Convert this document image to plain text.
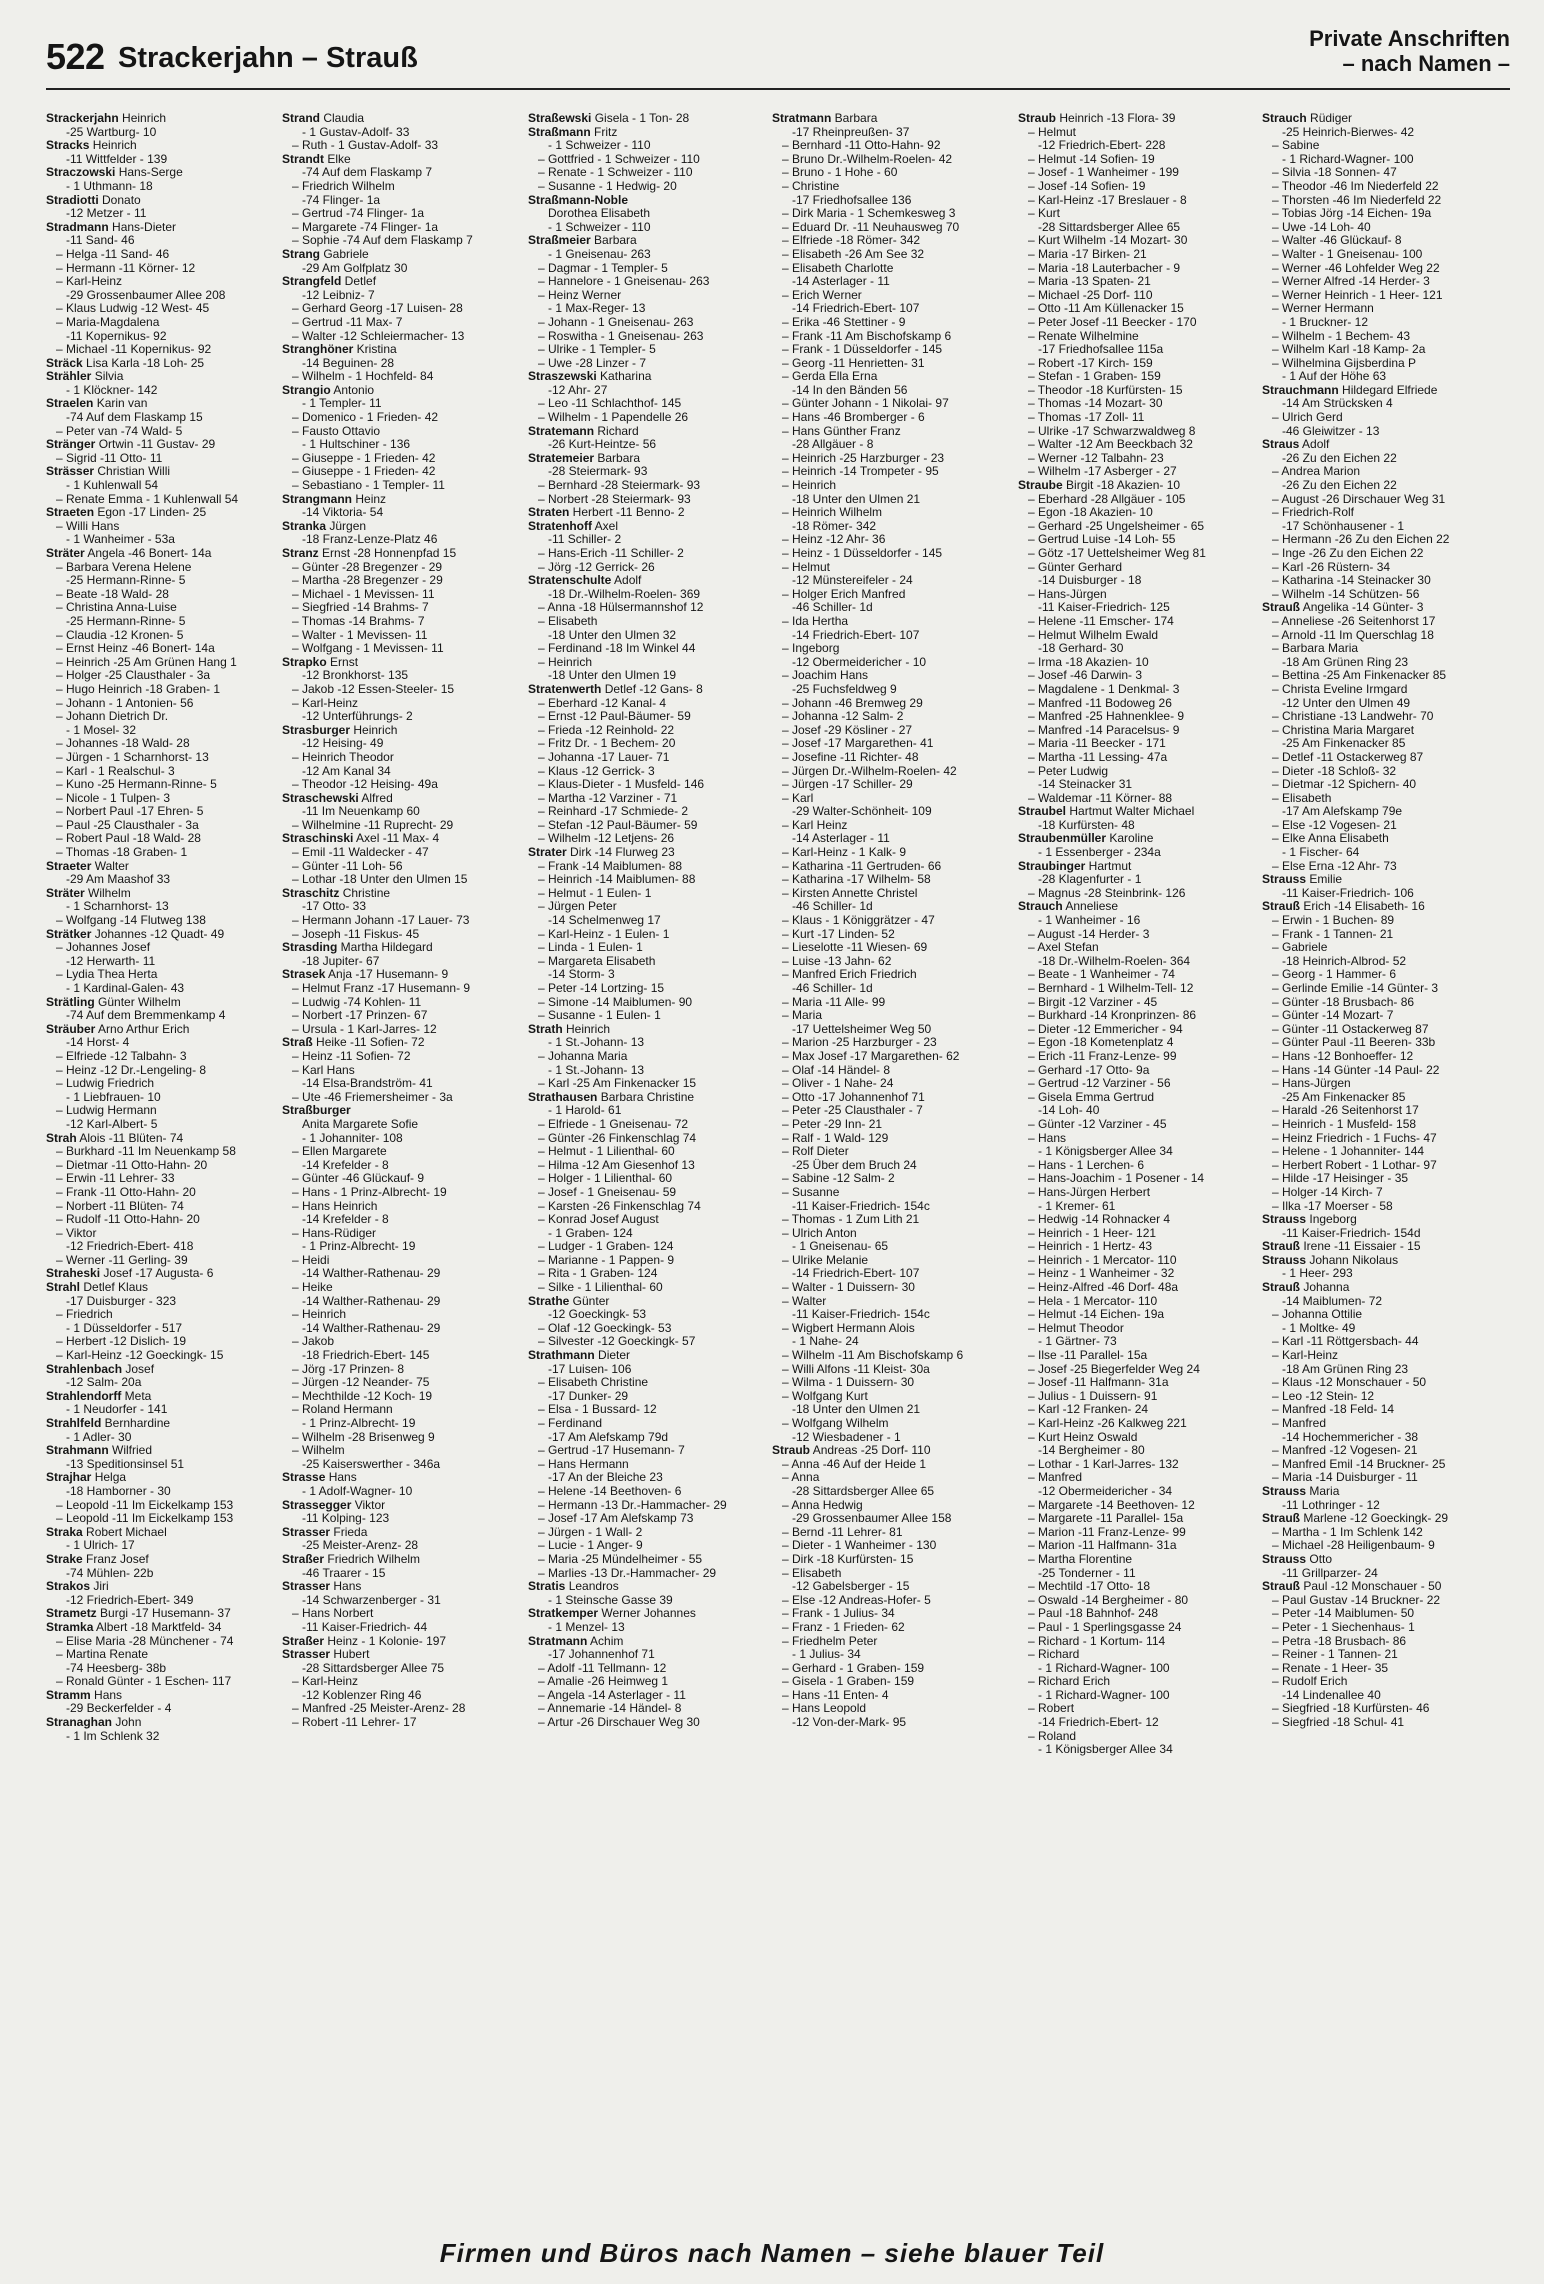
522 Strackerjahn – Strauß
Private Anschriften
– nach Namen –
Strackerjahn Heinrich
-25 Wartburg- 10
Stracks Heinrich
-11 Wittfelder - 139
Straczowski Hans-Serge
- 1 Uthmann- 18
Stradiotti Donato
-12 Metzer - 11
Stradmann Hans-Dieter
-11 Sand- 46
– Helga -11 Sand- 46
– Hermann -11 Körner- 12
– Karl-Heinz
-29 Grossenbaumer Allee 208
– Klaus Ludwig -12 West- 45
– Maria-Magdalena
-11 Kopernikus- 92
– Michael -11 Kopernikus- 92
Sträck Lisa Karla -18 Loh- 25
Strähler Silvia
- 1 Klöckner- 142
Straelen Karin van
-74 Auf dem Flaskamp 15
– Peter van -74 Wald- 5
Stränger Ortwin -11 Gustav- 29
– Sigrid -11 Otto- 11
Strässer Christian Willi
- 1 Kuhlenwall 54
– Renate Emma - 1 Kuhlenwall 54
Straeten Egon -17 Linden- 25
– Willi Hans
- 1 Wanheimer - 53a
Sträter Angela -46 Bonert- 14a
– Barbara Verena Helene
-25 Hermann-Rinne- 5
– Beate -18 Wald- 28
– Christina Anna-Luise
-25 Hermann-Rinne- 5
– Claudia -12 Kronen- 5
– Ernst Heinz -46 Bonert- 14a
– Heinrich -25 Am Grünen Hang 1
– Holger -25 Clausthaler - 3a
– Hugo Heinrich -18 Graben- 1
– Johann - 1 Antonien- 56
– Johann Dietrich Dr.
- 1 Mosel- 32
– Johannes -18 Wald- 28
– Jürgen - 1 Scharnhorst- 13
– Karl - 1 Realschul- 3
– Kuno -25 Hermann-Rinne- 5
– Nicole - 1 Tulpen- 3
– Norbert Paul -17 Ehren- 5
– Paul -25 Clausthaler - 3a
– Robert Paul -18 Wald- 28
– Thomas -18 Graben- 1
Straeter Walter
-29 Am Maashof 33
Sträter Wilhelm
- 1 Scharnhorst- 13
– Wolfgang -14 Flutweg 138
Strätker Johannes -12 Quadt- 49
– Johannes Josef
-12 Herwarth- 11
– Lydia Thea Herta
- 1 Kardinal-Galen- 43
Strätling Günter Wilhelm
-74 Auf dem Bremmenkamp 4
Sträuber Arno Arthur Erich
-14 Horst- 4
– Elfriede -12 Talbahn- 3
– Heinz -12 Dr.-Lengeling- 8
– Ludwig Friedrich
- 1 Liebfrauen- 10
– Ludwig Hermann
-12 Karl-Albert- 5
Strah Alois -11 Blüten- 74
– Burkhard -11 Im Neuenkamp 58
– Dietmar -11 Otto-Hahn- 20
– Erwin -11 Lehrer- 33
– Frank -11 Otto-Hahn- 20
– Norbert -11 Blüten- 74
– Rudolf -11 Otto-Hahn- 20
– Viktor
-12 Friedrich-Ebert- 418
– Werner -11 Gerling- 39
Straheski Josef -17 Augusta- 6
Strahl Detlef Klaus
-17 Duisburger - 323
– Friedrich
- 1 Düsseldorfer - 517
– Herbert -12 Dislich- 19
– Karl-Heinz -12 Goeckingk- 15
Strahlenbach Josef
-12 Salm- 20a
Strahlendorff Meta
- 1 Neudorfer - 141
Strahlfeld Bernhardine
- 1 Adler- 30
Strahmann Wilfried
-13 Speditionsinsel 51
Strajhar Helga
-18 Hamborner - 30
– Leopold -11 Im Eickelkamp 153
– Leopold -11 Im Eickelkamp 153
Straka Robert Michael
- 1 Ulrich- 17
Strake Franz Josef
-74 Mühlen- 22b
Strakos Jiri
-12 Friedrich-Ebert- 349
Strametz Burgi -17 Husemann- 37
Stramka Albert -18 Marktfeld- 34
– Elise Maria -28 Münchener - 74
– Martina Renate
-74 Heesberg- 38b
– Ronald Günter - 1 Eschen- 117
Stramm Hans
-29 Beckerfelder - 4
Stranaghan John
- 1 Im Schlenk 32
Strand Claudia
- 1 Gustav-Adolf- 33
– Ruth - 1 Gustav-Adolf- 33
Strandt Elke
-74 Auf dem Flaskamp 7
– Friedrich Wilhelm
-74 Flinger- 1a
– Gertrud -74 Flinger- 1a
– Margarete -74 Flinger- 1a
– Sophie -74 Auf dem Flaskamp 7
Strang Gabriele
-29 Am Golfplatz 30
Strangfeld Detlef
-12 Leibniz- 7
– Gerhard Georg -17 Luisen- 28
– Gertrud -11 Max- 7
– Walter -12 Schleiermacher- 13
Stranghöner Kristina
-14 Beguinen- 28
– Wilhelm - 1 Hochfeld- 84
Strangio Antonio
- 1 Templer- 11
– Domenico - 1 Frieden- 42
– Fausto Ottavio
- 1 Hultschiner - 136
– Giuseppe - 1 Frieden- 42
– Giuseppe - 1 Frieden- 42
– Sebastiano - 1 Templer- 11
Strangmann Heinz
-14 Viktoria- 54
Stranka Jürgen
-18 Franz-Lenze-Platz 46
Stranz Ernst -28 Honnenpfad 15
– Günter -28 Bregenzer - 29
– Martha -28 Bregenzer - 29
– Michael - 1 Mevissen- 11
– Siegfried -14 Brahms- 7
– Thomas -14 Brahms- 7
– Walter - 1 Mevissen- 11
– Wolfgang - 1 Mevissen- 11
Strapko Ernst
-12 Bronkhorst- 135
– Jakob -12 Essen-Steeler- 15
– Karl-Heinz
-12 Unterführungs- 2
Strasburger Heinrich
-12 Heising- 49
– Heinrich Theodor
-12 Am Kanal 34
– Theodor -12 Heising- 49a
Straschewski Alfred
-11 Im Neuenkamp 60
– Wilhelmine -11 Ruprecht- 29
Straschinski Axel -11 Max- 4
– Emil -11 Waldecker - 47
– Günter -11 Loh- 56
– Lothar -18 Unter den Ulmen 15
Straschitz Christine
-17 Otto- 33
– Hermann Johann -17 Lauer- 73
– Joseph -11 Fiskus- 45
Strasding Martha Hildegard
-18 Jupiter- 67
Strasek Anja -17 Husemann- 9
– Helmut Franz -17 Husemann- 9
– Ludwig -74 Kohlen- 11
– Norbert -17 Prinzen- 67
– Ursula - 1 Karl-Jarres- 12
Straß Heike -11 Sofien- 72
– Heinz -11 Sofien- 72
– Karl Hans
-14 Elsa-Brandström- 41
– Ute -46 Friemersheimer - 3a
Straßburger
Anita Margarete Sofie
- 1 Johanniter- 108
– Ellen Margarete
-14 Krefelder - 8
– Günter -46 Glückauf- 9
– Hans - 1 Prinz-Albrecht- 19
– Hans Heinrich
-14 Krefelder - 8
– Hans-Rüdiger
- 1 Prinz-Albrecht- 19
– Heidi
-14 Walther-Rathenau- 29
– Heike
-14 Walther-Rathenau- 29
– Heinrich
-14 Walther-Rathenau- 29
– Jakob
-18 Friedrich-Ebert- 145
– Jörg -17 Prinzen- 8
– Jürgen -12 Neander- 75
– Mechthilde -12 Koch- 19
– Roland Hermann
- 1 Prinz-Albrecht- 19
– Wilhelm -28 Brisenweg 9
– Wilhelm
-25 Kaiserswerther - 346a
Strasse Hans
- 1 Adolf-Wagner- 10
Strassegger Viktor
-11 Kolping- 123
Strasser Frieda
-25 Meister-Arenz- 28
Straßer Friedrich Wilhelm
-46 Traarer - 15
Strasser Hans
-14 Schwarzenberger - 31
– Hans Norbert
-11 Kaiser-Friedrich- 44
Straßer Heinz - 1 Kolonie- 197
Strasser Hubert
-28 Sittardsberger Allee 75
– Karl-Heinz
-12 Koblenzer Ring 46
– Manfred -25 Meister-Arenz- 28
– Robert -11 Lehrer- 17
Straßewski Gisela - 1 Ton- 28
Straßmann Fritz
- 1 Schweizer - 110
– Gottfried - 1 Schweizer - 110
– Renate - 1 Schweizer - 110
– Susanne - 1 Hedwig- 20
Straßmann-Noble
Dorothea Elisabeth
- 1 Schweizer - 110
Straßmeier Barbara
- 1 Gneisenau- 263
– Dagmar - 1 Templer- 5
– Hannelore - 1 Gneisenau- 263
– Heinz Werner
- 1 Max-Reger- 13
– Johann - 1 Gneisenau- 263
– Roswitha - 1 Gneisenau- 263
– Ulrike - 1 Templer- 5
– Uwe -28 Linzer - 7
Straszewski Katharina
-12 Ahr- 27
– Leo -11 Schlachthof- 145
– Wilhelm - 1 Papendelle 26
Stratemann Richard
-26 Kurt-Heintze- 56
Stratemeier Barbara
-28 Steiermark- 93
– Bernhard -28 Steiermark- 93
– Norbert -28 Steiermark- 93
Straten Herbert -11 Benno- 2
Stratenhoff Axel
-11 Schiller- 2
– Hans-Erich -11 Schiller- 2
– Jörg -12 Gerrick- 26
Stratenschulte Adolf
-18 Dr.-Wilhelm-Roelen- 369
– Anna -18 Hülsermannshof 12
– Elisabeth
-18 Unter den Ulmen 32
– Ferdinand -18 Im Winkel 44
– Heinrich
-18 Unter den Ulmen 19
Stratenwerth Detlef -12 Gans- 8
– Eberhard -12 Kanal- 4
– Ernst -12 Paul-Bäumer- 59
– Frieda -12 Reinhold- 22
– Fritz Dr. - 1 Bechem- 20
– Johanna -17 Lauer- 71
– Klaus -12 Gerrick- 3
– Klaus-Dieter - 1 Musfeld- 146
– Martha -12 Varziner - 71
– Reinhard -17 Schmiede- 2
– Stefan -12 Paul-Bäumer- 59
– Wilhelm -12 Letjens- 26
Strater Dirk -14 Flurweg 23
– Frank -14 Maiblumen- 88
– Heinrich -14 Maiblumen- 88
– Helmut - 1 Eulen- 1
– Jürgen Peter
-14 Schelmenweg 17
– Karl-Heinz - 1 Eulen- 1
– Linda - 1 Eulen- 1
– Margareta Elisabeth
-14 Storm- 3
– Peter -14 Lortzing- 15
– Simone -14 Maiblumen- 90
– Susanne - 1 Eulen- 1
Strath Heinrich
- 1 St.-Johann- 13
– Johanna Maria
- 1 St.-Johann- 13
– Karl -25 Am Finkenacker 15
Strathausen Barbara Christine
- 1 Harold- 61
– Elfriede - 1 Gneisenau- 72
– Günter -26 Finkenschlag 74
– Helmut - 1 Lilienthal- 60
– Hilma -12 Am Giesenhof 13
– Holger - 1 Lilienthal- 60
– Josef - 1 Gneisenau- 59
– Karsten -26 Finkenschlag 74
– Konrad Josef August
- 1 Graben- 124
– Ludger - 1 Graben- 124
– Marianne - 1 Pappen- 9
– Rita - 1 Graben- 124
– Silke - 1 Lilienthal- 60
Strathe Günter
-12 Goeckingk- 53
– Olaf -12 Goeckingk- 53
– Silvester -12 Goeckingk- 57
Strathmann Dieter
-17 Luisen- 106
– Elisabeth Christine
-17 Dunker- 29
– Elsa - 1 Bussard- 12
– Ferdinand
-17 Am Alefskamp 79d
– Gertrud -17 Husemann- 7
– Hans Hermann
-17 An der Bleiche 23
– Helene -14 Beethoven- 6
– Hermann -13 Dr.-Hammacher- 29
– Josef -17 Am Alefskamp 73
– Jürgen - 1 Wall- 2
– Lucie - 1 Anger- 9
– Maria -25 Mündelheimer - 55
– Marlies -13 Dr.-Hammacher- 29
Stratis Leandros
- 1 Steinsche Gasse 39
Stratkemper Werner Johannes
- 1 Menzel- 13
Stratmann Achim
-17 Johannenhof 71
– Adolf -11 Tellmann- 12
– Amalie -26 Heimweg 1
– Angela -14 Asterlager - 11
– Annemarie -14 Händel- 8
– Artur -26 Dirschauer Weg 30
Stratmann Barbara
-17 Rheinpreußen- 37
– Bernhard -11 Otto-Hahn- 92
– Bruno Dr.-Wilhelm-Roelen- 42
– Bruno - 1 Hohe - 60
– Christine
-17 Friedhofsallee 136
– Dirk Maria - 1 Schemkesweg 3
– Eduard Dr. -11 Neuhausweg 70
– Elfriede -18 Römer- 342
– Elisabeth -26 Am See 32
– Elisabeth Charlotte
-14 Asterlager - 11
– Erich Werner
-14 Friedrich-Ebert- 107
– Erika -46 Stettiner - 9
– Frank -11 Am Bischofskamp 6
– Frank - 1 Düsseldorfer - 145
– Georg -11 Henrietten- 31
– Gerda Ella Erna
-14 In den Bänden 56
– Günter Johann - 1 Nikolai- 97
– Hans -46 Bromberger - 6
– Hans Günther Franz
-28 Allgäuer - 8
– Heinrich -25 Harzburger - 23
– Heinrich -14 Trompeter - 95
– Heinrich
-18 Unter den Ulmen 21
– Heinrich Wilhelm
-18 Römer- 342
– Heinz -12 Ahr- 36
– Heinz - 1 Düsseldorfer - 145
– Helmut
-12 Münstereifeler - 24
– Holger Erich Manfred
-46 Schiller- 1d
– Ida Hertha
-14 Friedrich-Ebert- 107
– Ingeborg
-12 Obermeidericher - 10
– Joachim Hans
-25 Fuchsfeldweg 9
– Johann -46 Bremweg 29
– Johanna -12 Salm- 2
– Josef -29 Kösliner - 27
– Josef -17 Margarethen- 41
– Josefine -11 Richter- 48
– Jürgen Dr.-Wilhelm-Roelen- 42
– Jürgen -17 Schiller- 29
– Karl
-29 Walter-Schönheit- 109
– Karl Heinz
-14 Asterlager - 11
– Karl-Heinz - 1 Kalk- 9
– Katharina -11 Gertruden- 66
– Katharina -17 Wilhelm- 58
– Kirsten Annette Christel
-46 Schiller- 1d
– Klaus - 1 Königgrätzer - 47
– Kurt -17 Linden- 52
– Lieselotte -11 Wiesen- 69
– Luise -13 Jahn- 62
– Manfred Erich Friedrich
-46 Schiller- 1d
– Maria -11 Alle- 99
– Maria
-17 Uettelsheimer Weg 50
– Marion -25 Harzburger - 23
– Max Josef -17 Margarethen- 62
– Olaf -14 Händel- 8
– Oliver - 1 Nahe- 24
– Otto -17 Johannenhof 71
– Peter -25 Clausthaler - 7
– Peter -29 Inn- 21
– Ralf - 1 Wald- 129
– Rolf Dieter
-25 Über dem Bruch 24
– Sabine -12 Salm- 2
– Susanne
-11 Kaiser-Friedrich- 154c
– Thomas - 1 Zum Lith 21
– Ulrich Anton
- 1 Gneisenau- 65
– Ulrike Melanie
-14 Friedrich-Ebert- 107
– Walter - 1 Duissern- 30
– Walter
-11 Kaiser-Friedrich- 154c
– Wigbert Hermann Alois
- 1 Nahe- 24
– Wilhelm -11 Am Bischofskamp 6
– Willi Alfons -11 Kleist- 30a
– Wilma - 1 Duissern- 30
– Wolfgang Kurt
-18 Unter den Ulmen 21
– Wolfgang Wilhelm
-12 Wiesbadener - 1
Straub Andreas -25 Dorf- 110
– Anna -46 Auf der Heide 1
– Anna
-28 Sittardsberger Allee 65
– Anna Hedwig
-29 Grossenbaumer Allee 158
– Bernd -11 Lehrer- 81
– Dieter - 1 Wanheimer - 130
– Dirk -18 Kurfürsten- 15
– Elisabeth
-12 Gabelsberger - 15
– Else -12 Andreas-Hofer- 5
– Frank - 1 Julius- 34
– Franz - 1 Frieden- 62
– Friedhelm Peter
- 1 Julius- 34
– Gerhard - 1 Graben- 159
– Gisela - 1 Graben- 159
– Hans -11 Enten- 4
– Hans Leopold
-12 Von-der-Mark- 95
Straub Heinrich -13 Flora- 39
– Helmut
-12 Friedrich-Ebert- 228
– Helmut -14 Sofien- 19
– Josef - 1 Wanheimer - 199
– Josef -14 Sofien- 19
– Karl-Heinz -17 Breslauer - 8
– Kurt
-28 Sittardsberger Allee 65
– Kurt Wilhelm -14 Mozart- 30
– Maria -17 Birken- 21
– Maria -18 Lauterbacher - 9
– Maria -13 Spaten- 21
– Michael -25 Dorf- 110
– Otto -11 Am Küllenacker 15
– Peter Josef -11 Beecker - 170
– Renate Wilhelmine
-17 Friedhofsallee 115a
– Robert -17 Kirch- 159
– Stefan - 1 Graben- 159
– Theodor -18 Kurfürsten- 15
– Thomas -14 Mozart- 30
– Thomas -17 Zoll- 11
– Ulrike -17 Schwarzwaldweg 8
– Walter -12 Am Beeckbach 32
– Werner -12 Talbahn- 23
– Wilhelm -17 Asberger - 27
Straube Birgit -18 Akazien- 10
– Eberhard -28 Allgäuer - 105
– Egon -18 Akazien- 10
– Gerhard -25 Ungelsheimer - 65
– Gertrud Luise -14 Loh- 55
– Götz -17 Uettelsheimer Weg 81
– Günter Gerhard
-14 Duisburger - 18
– Hans-Jürgen
-11 Kaiser-Friedrich- 125
– Helene -11 Emscher- 174
– Helmut Wilhelm Ewald
-18 Gerhard- 30
– Irma -18 Akazien- 10
– Josef -46 Darwin- 3
– Magdalene - 1 Denkmal- 3
– Manfred -11 Bodoweg 26
– Manfred -25 Hahnenklee- 9
– Manfred -14 Paracelsus- 9
– Maria -11 Beecker - 171
– Martha -11 Lessing- 47a
– Peter Ludwig
-14 Steinacker 31
– Waldemar -11 Körner- 88
Straubel Hartmut Walter Michael
-18 Kurfürsten- 48
Straubenmüller Karoline
- 1 Essenberger - 234a
Straubinger Hartmut
-28 Klagenfurter - 1
– Magnus -28 Steinbrink- 126
Strauch Anneliese
- 1 Wanheimer - 16
– August -14 Herder- 3
– Axel Stefan
-18 Dr.-Wilhelm-Roelen- 364
– Beate - 1 Wanheimer - 74
– Bernhard - 1 Wilhelm-Tell- 12
– Birgit -12 Varziner - 45
– Burkhard -14 Kronprinzen- 86
– Dieter -12 Emmericher - 94
– Egon -18 Kometenplatz 4
– Erich -11 Franz-Lenze- 99
– Gerhard -17 Otto- 9a
– Gertrud -12 Varziner - 56
– Gisela Emma Gertrud
-14 Loh- 40
– Günter -12 Varziner - 45
– Hans
- 1 Königsberger Allee 34
– Hans - 1 Lerchen- 6
– Hans-Joachim - 1 Posener - 14
– Hans-Jürgen Herbert
- 1 Kremer- 61
– Hedwig -14 Rohnacker 4
– Heinrich - 1 Heer- 121
– Heinrich - 1 Hertz- 43
– Heinrich - 1 Mercator- 110
– Heinz - 1 Wanheimer - 32
– Heinz-Alfred -46 Dorf- 48a
– Hela - 1 Mercator- 110
– Helmut -14 Eichen- 19a
– Helmut Theodor
- 1 Gärtner- 73
– Ilse -11 Parallel- 15a
– Josef -25 Biegerfelder Weg 24
– Josef -11 Halfmann- 31a
– Julius - 1 Duissern- 91
– Karl -12 Franken- 24
– Karl-Heinz -26 Kalkweg 221
– Kurt Heinz Oswald
-14 Bergheimer - 80
– Lothar - 1 Karl-Jarres- 132
– Manfred
-12 Obermeidericher - 34
– Margarete -14 Beethoven- 12
– Margarete -11 Parallel- 15a
– Marion -11 Franz-Lenze- 99
– Marion -11 Halfmann- 31a
– Martha Florentine
-25 Tonderner - 11
– Mechtild -17 Otto- 18
– Oswald -14 Bergheimer - 80
– Paul -18 Bahnhof- 248
– Paul - 1 Sperlingsgasse 24
– Richard - 1 Kortum- 114
– Richard
- 1 Richard-Wagner- 100
– Richard Erich
- 1 Richard-Wagner- 100
– Robert
-14 Friedrich-Ebert- 12
– Roland
- 1 Königsberger Allee 34
Strauch Rüdiger
-25 Heinrich-Bierwes- 42
– Sabine
- 1 Richard-Wagner- 100
– Silvia -18 Sonnen- 47
– Theodor -46 Im Niederfeld 22
– Thorsten -46 Im Niederfeld 22
– Tobias Jörg -14 Eichen- 19a
– Uwe -14 Loh- 40
– Walter -46 Glückauf- 8
– Walter - 1 Gneisenau- 100
– Werner -46 Lohfelder Weg 22
– Werner Alfred -14 Herder- 3
– Werner Heinrich - 1 Heer- 121
– Werner Hermann
- 1 Bruckner- 12
– Wilhelm - 1 Bechem- 43
– Wilhelm Karl -18 Kamp- 2a
– Wilhelmina Gijsberdina P
- 1 Auf der Höhe 63
Strauchmann Hildegard Elfriede
-14 Am Strücksken 4
– Ulrich Gerd
-46 Gleiwitzer - 13
Straus Adolf
-26 Zu den Eichen 22
– Andrea Marion
-26 Zu den Eichen 22
– August -26 Dirschauer Weg 31
– Friedrich-Rolf
-17 Schönhausener - 1
– Hermann -26 Zu den Eichen 22
– Inge -26 Zu den Eichen 22
– Karl -26 Rüstern- 34
– Katharina -14 Steinacker 30
– Wilhelm -14 Schützen- 56
Strauß Angelika -14 Günter- 3
– Anneliese -26 Seitenhorst 17
– Arnold -11 Im Querschlag 18
– Barbara Maria
-18 Am Grünen Ring 23
– Bettina -25 Am Finkenacker 85
– Christa Eveline Irmgard
-12 Unter den Ulmen 49
– Christiane -13 Landwehr- 70
– Christina Maria Margaret
-25 Am Finkenacker 85
– Detlef -11 Ostackerweg 87
– Dieter -18 Schloß- 32
– Dietmar -12 Spichern- 40
– Elisabeth
-17 Am Alefskamp 79e
– Else -12 Vogesen- 21
– Elke Anna Elisabeth
- 1 Fischer- 64
– Else Erna -12 Ahr- 73
Strauss Emilie
-11 Kaiser-Friedrich- 106
Strauß Erich -14 Elisabeth- 16
– Erwin - 1 Buchen- 89
– Frank - 1 Tannen- 21
– Gabriele
-18 Heinrich-Albrod- 52
– Georg - 1 Hammer- 6
– Gerlinde Emilie -14 Günter- 3
– Günter -18 Brusbach- 86
– Günter -14 Mozart- 7
– Günter -11 Ostackerweg 87
– Günter Paul -11 Beeren- 33b
– Hans -12 Bonhoeffer- 12
– Hans -14 Günter -14 Paul- 22
– Hans-Jürgen
-25 Am Finkenacker 85
– Harald -26 Seitenhorst 17
– Heinrich - 1 Musfeld- 158
– Heinz Friedrich - 1 Fuchs- 47
– Helene - 1 Johanniter- 144
– Herbert Robert - 1 Lothar- 97
– Hilde -17 Heisinger - 35
– Holger -14 Kirch- 7
– Ilka -17 Moerser - 58
Strauss Ingeborg
-11 Kaiser-Friedrich- 154d
Strauß Irene -11 Eissaier - 15
Strauss Johann Nikolaus
- 1 Heer- 293
Strauß Johanna
-14 Maiblumen- 72
– Johanna Ottilie
- 1 Moltke- 49
– Karl -11 Röttgersbach- 44
– Karl-Heinz
-18 Am Grünen Ring 23
– Klaus -12 Monschauer - 50
– Leo -12 Stein- 12
– Manfred -18 Feld- 14
– Manfred
-14 Hochemmericher - 38
– Manfred -12 Vogesen- 21
– Manfred Emil -14 Bruckner- 25
– Maria -14 Duisburger - 11
Strauss Maria
-11 Lothringer - 12
Strauß Marlene -12 Goeckingk- 29
– Martha - 1 Im Schlenk 142
– Michael -28 Heiligenbaum- 9
Strauss Otto
-11 Grillparzer- 24
Strauß Paul -12 Monschauer - 50
– Paul Gustav -14 Bruckner- 22
– Peter -14 Maiblumen- 50
– Peter - 1 Siechenhaus- 1
– Petra -18 Brusbach- 86
– Reiner - 1 Tannen- 21
– Renate - 1 Heer- 35
– Rudolf Erich
-14 Lindenallee 40
– Siegfried -18 Kurfürsten- 46
– Siegfried -18 Schul- 41
Firmen und Büros nach Namen – siehe blauer Teil
